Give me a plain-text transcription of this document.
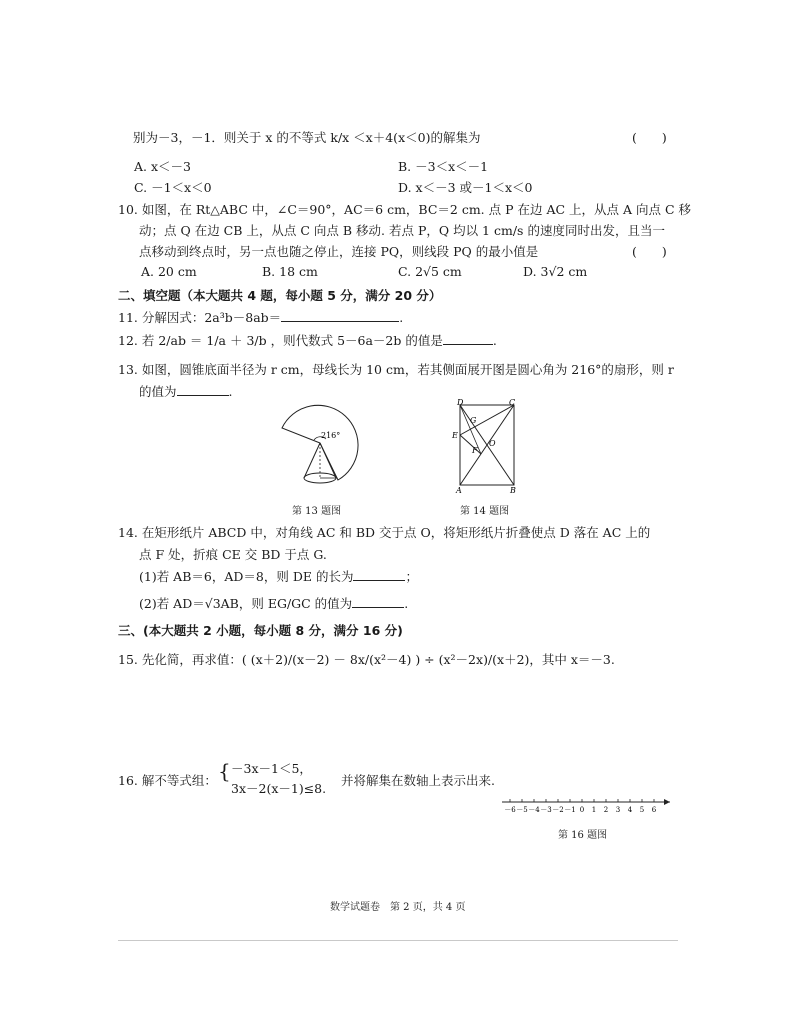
别为－3，－1．则关于 x 的不等式 k/x ＜x＋4(x＜0)的解集为	(　　)
A. x＜－3	B. －3＜x＜－1
C. －1＜x＜0	D. x＜－3 或－1＜x＜0
10. 如图，在 Rt△ABC 中，∠C＝90°，AC＝6 cm，BC＝2 cm. 点 P 在边 AC 上，从点 A 向点 C 移
动；点 Q 在边 CB 上，从点 C 向点 B 移动. 若点 P，Q 均以 1 cm/s 的速度同时出发，且当一
点移动到终点时，另一点也随之停止，连接 PQ，则线段 PQ 的最小值是	(　　)
A. 20 cm	B. 18 cm	C. 2√5 cm	D. 3√2 cm
二、填空题（本大题共 4 题，每小题 5 分，满分 20 分）
11. 分解因式：2a³b－8ab＝	.
12. 若 2/ab ＝ 1/a ＋ 3/b ，则代数式 5－6a－2b 的值是	.
13. 如图，圆锥底面半径为 r cm，母线长为 10 cm，若其侧面展开图是圆心角为 216°的扇形，则 r
的值为	.
216°
第 13 题图
D	C
G
E
O
F
A	B
第 14 题图
14. 在矩形纸片 ABCD 中，对角线 AC 和 BD 交于点 O，将矩形纸片折叠使点 D 落在 AC 上的
点 F 处，折痕 CE 交 BD 于点 G.
(1)若 AB＝6，AD＝8，则 DE 的长为	；
(2)若 AD＝√3AB，则 EG/GC 的值为	.
三、(本大题共 2 小题，每小题 8 分，满分 16 分)
15. 先化简，再求值：( (x＋2)/(x－2) － 8x/(x²－4) ) ÷ (x²－2x)/(x＋2)，其中 x＝－3.
16. 解不等式组： { －3x－1＜5，
3x－2(x－1)≤8.
并将解集在数轴上表示出来.
－6 －5 －4 －3 －2 －1 0 1 2 3 4 5 6
第 16 题图
数学试题卷　第 2 页，共 4 页
